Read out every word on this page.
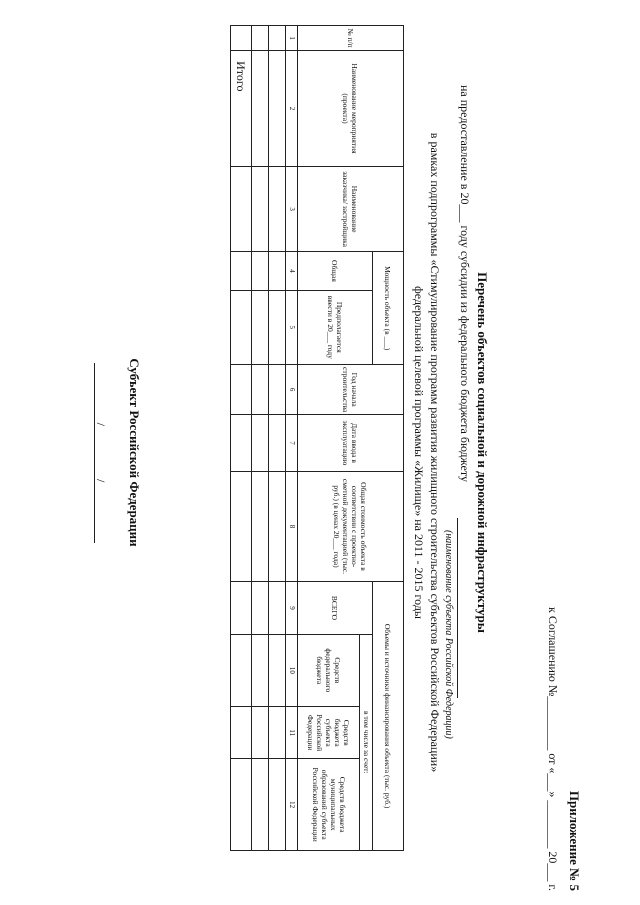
Приложение № 5
к Соглашению №_________ от «___» ________ 20___ г.
Перечень объектов социальной и дорожной инфраструктуры
на предоставление в 20___ году субсидии из федерального бюджета бюджету
(наименование субъекта Российской Федерации)
в рамках подпрограммы «Стимулирование программ развития жилищного строительства субъектов Российской Федерации»
федеральной целевой программы «Жилище» на 2011 - 2015 годы
№ п/п	Наименование мероприятия (проекта)	Наименование заказчика/ застройщика	Мощность объекта (в ___)		Год начала строительства	Дата ввода в эксплуатацию	Общая стоимость объекта в соответствии с проектно-сметной документацией (тыс. руб.) (в ценах 20___ года)	Объемы и источники финансирования объекта (тыс. руб.)			
			Общая	Предполагается ввести в 20___ году				ВСЕГО	в том числе за счет:		
									Средств федерального бюджета	Средств бюджета субъекта Российской Федерации	Средств бюджета муниципальных образований субъекта Российской Федерации
1	2	3	4	5	6	7	8	9	10	11	12

	Итого										
Субъект Российской Федерации
/ /
